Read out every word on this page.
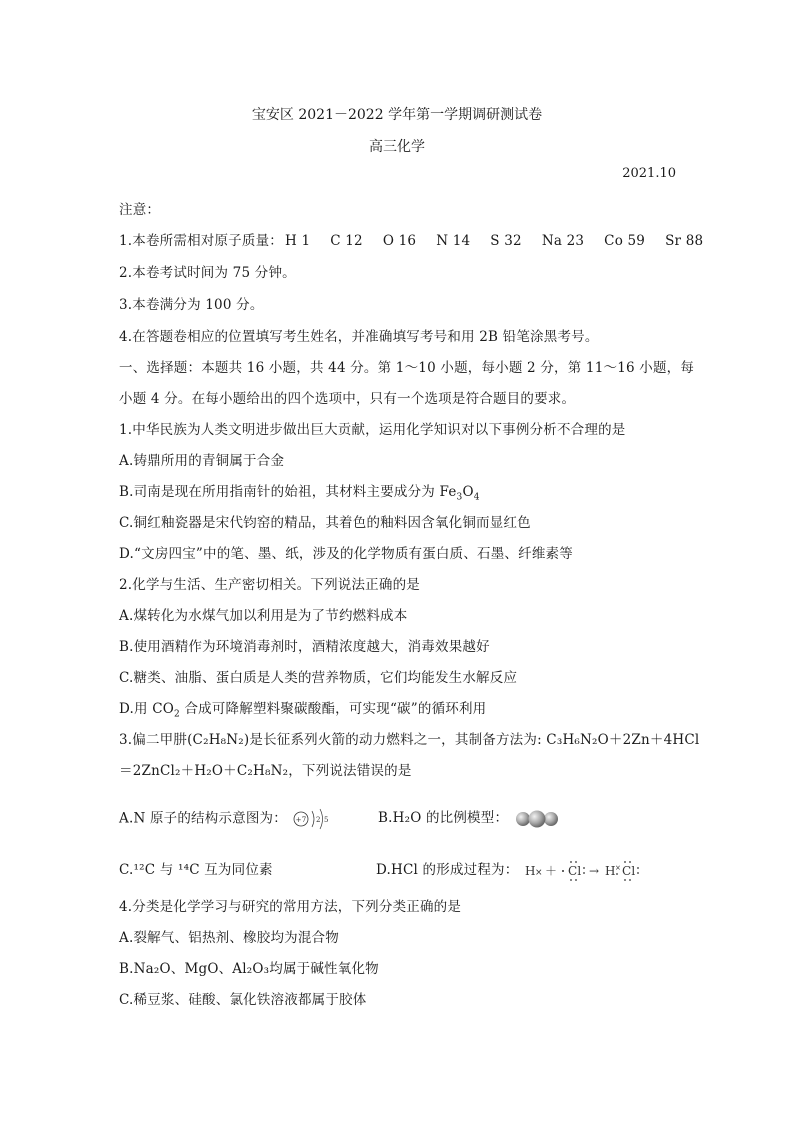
宝安区 2021－2022 学年第一学期调研测试卷
高三化学
2021.10
注意：
1.本卷所需相对原子质量： H 1 C 12 O 16 N 14 S 32 Na 23 Co 59 Sr 88
2.本卷考试时间为 75 分钟。
3.本卷满分为 100 分。
4.在答题卷相应的位置填写考生姓名，并准确填写考号和用 2B 铅笔涂黑考号。
一、选择题：本题共 16 小题，共 44 分。第 1～10 小题，每小题 2 分，第 11～16 小题，每
小题 4 分。在每小题给出的四个选项中，只有一个选项是符合题目的要求。
1.中华民族为人类文明进步做出巨大贡献，运用化学知识对以下事例分析不合理的是
A.铸鼎所用的青铜属于合金
B.司南是现在所用指南针的始祖，其材料主要成分为 $Fe_3O_4$
C.铜红釉瓷器是宋代钧窑的精品，其着色的釉料因含氧化铜而显红色
D.“文房四宝”中的笔、墨、纸，涉及的化学物质有蛋白质、石墨、纤维素等
2.化学与生活、生产密切相关。下列说法正确的是
A.煤转化为水煤气加以利用是为了节约燃料成本
B.使用酒精作为环境消毒剂时，酒精浓度越大，消毒效果越好
C.糖类、油脂、蛋白质是人类的营养物质，它们均能发生水解反应
D.用 $CO_2$ 合成可降解塑料聚碳酸酯，可实现“碳”的循环利用
3.偏二甲肼(C₂H₈N₂)是长征系列火箭的动力燃料之一，其制备方法为: C₃H₆N₂O＋2Zn＋4HCl
＝2ZnCl₂＋H₂O＋C₂H₈N₂，下列说法错误的是
A.N 原子的结构示意图为： +7 2 5	B.H₂O 的比例模型：
C.¹²C 与 ¹⁴C 互为同位素	D.HCl 的形成过程为： H × ＋ Cl → H × Cl
4.分类是化学学习与研究的常用方法，下列分类正确的是
A.裂解气、铝热剂、橡胶均为混合物
B.Na₂O、MgO、Al₂O₃均属于碱性氧化物
C.稀豆浆、硅酸、氯化铁溶液都属于胶体
